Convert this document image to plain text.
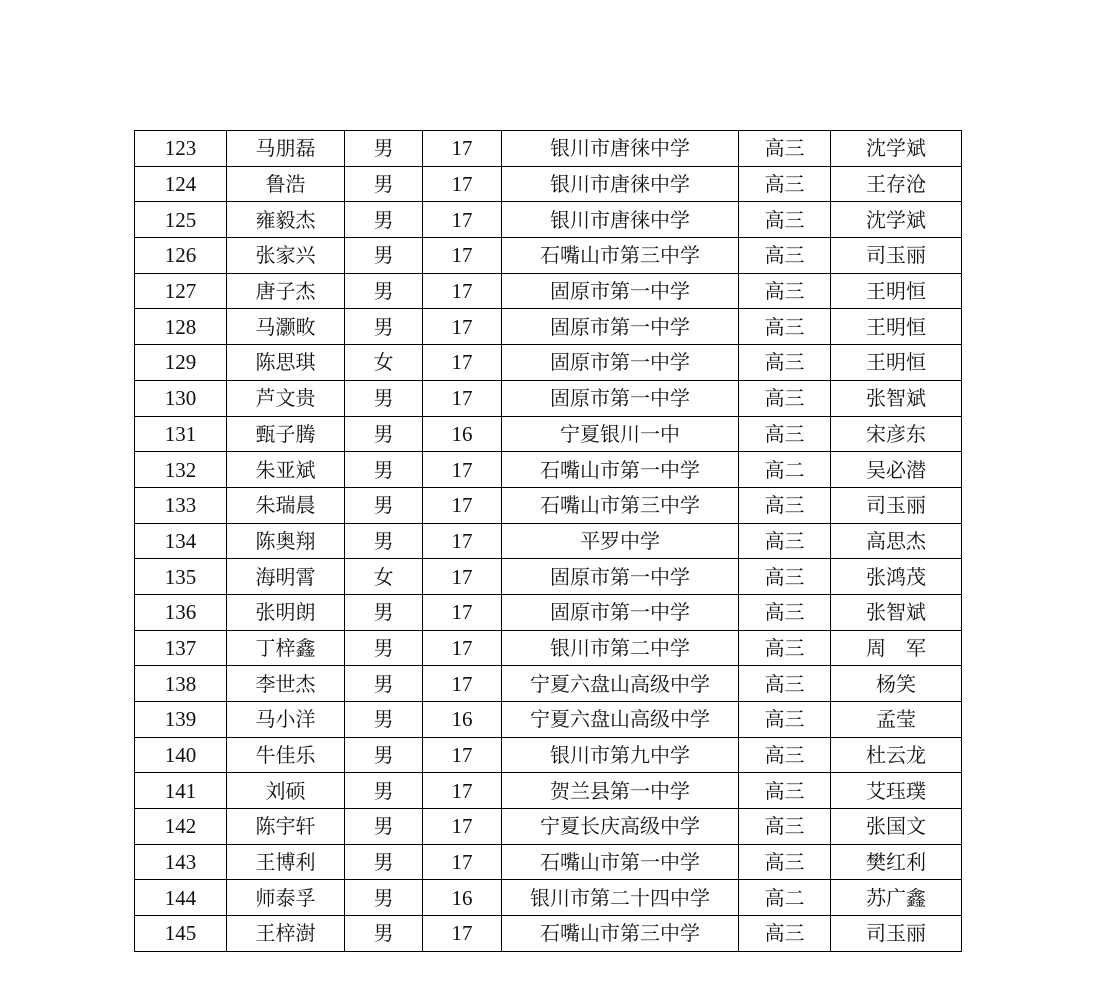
123	马朋磊	男	17	银川市唐徕中学	高三	沈学斌
124	鲁浩	男	17	银川市唐徕中学	高三	王存沧
125	雍毅杰	男	17	银川市唐徕中学	高三	沈学斌
126	张家兴	男	17	石嘴山市第三中学	高三	司玉丽
127	唐子杰	男	17	固原市第一中学	高三	王明恒
128	马灏畋	男	17	固原市第一中学	高三	王明恒
129	陈思琪	女	17	固原市第一中学	高三	王明恒
130	芦文贵	男	17	固原市第一中学	高三	张智斌
131	甄子腾	男	16	宁夏银川一中	高三	宋彦东
132	朱亚斌	男	17	石嘴山市第一中学	高二	吴必潜
133	朱瑞晨	男	17	石嘴山市第三中学	高三	司玉丽
134	陈奥翔	男	17	平罗中学	高三	高思杰
135	海明霄	女	17	固原市第一中学	高三	张鸿茂
136	张明朗	男	17	固原市第一中学	高三	张智斌
137	丁梓鑫	男	17	银川市第二中学	高三	周　军
138	李世杰	男	17	宁夏六盘山高级中学	高三	杨笑
139	马小洋	男	16	宁夏六盘山高级中学	高三	孟莹
140	牛佳乐	男	17	银川市第九中学	高三	杜云龙
141	刘硕	男	17	贺兰县第一中学	高三	艾珏璞
142	陈宇轩	男	17	宁夏长庆高级中学	高三	张国文
143	王博利	男	17	石嘴山市第一中学	高三	樊红利
144	师泰孚	男	16	银川市第二十四中学	高二	苏广鑫
145	王梓澍	男	17	石嘴山市第三中学	高三	司玉丽
